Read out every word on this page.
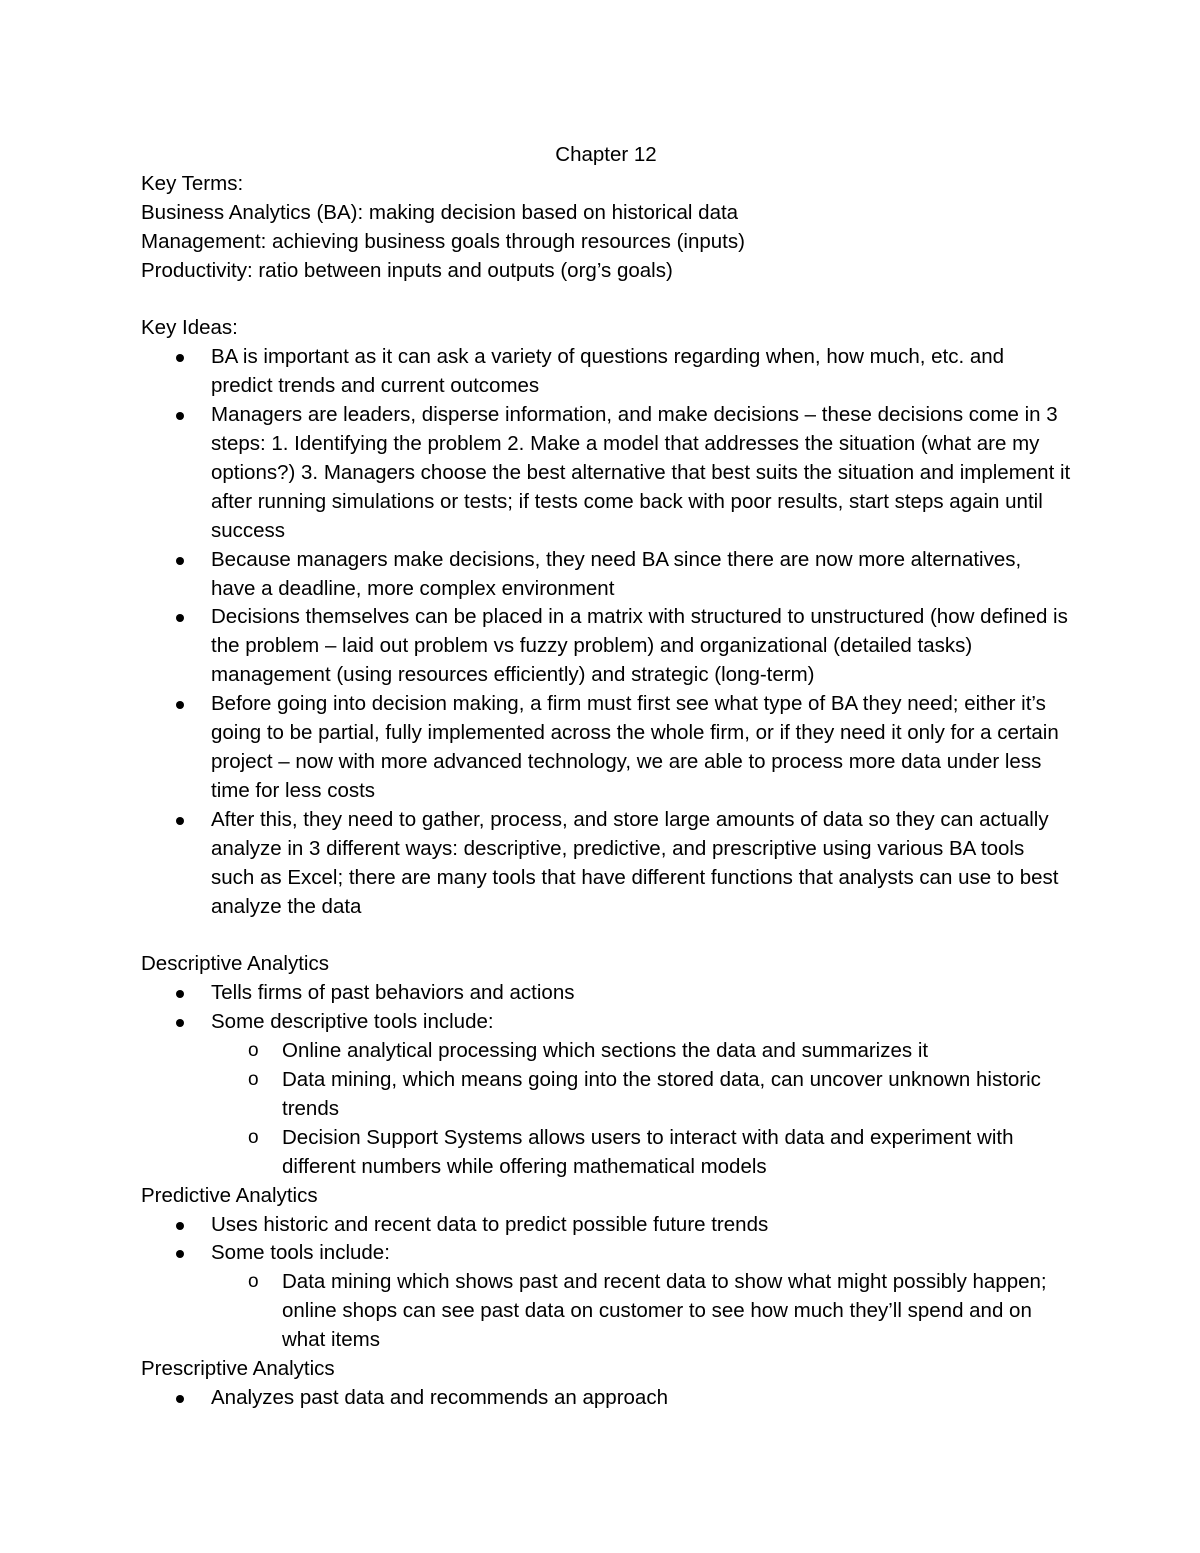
Chapter 12
Key Terms:
Business Analytics (BA): making decision based on historical data
Management: achieving business goals through resources (inputs)
Productivity: ratio between inputs and outputs (org’s goals)
Key Ideas:
BA is important as it can ask a variety of questions regarding when, how much, etc. and predict trends and current outcomes
Managers are leaders, disperse information, and make decisions – these decisions come in 3 steps: 1. Identifying the problem 2. Make a model that addresses the situation (what are my options?) 3. Managers choose the best alternative that best suits the situation and implement it after running simulations or tests; if tests come back with poor results, start steps again until success
Because managers make decisions, they need BA since there are now more alternatives, have a deadline, more complex environment
Decisions themselves can be placed in a matrix with structured to unstructured (how defined is the problem – laid out problem vs fuzzy problem) and organizational (detailed tasks) management (using resources efficiently) and strategic (long-term)
Before going into decision making, a firm must first see what type of BA they need; either it’s going to be partial, fully implemented across the whole firm, or if they need it only for a certain project – now with more advanced technology, we are able to process more data under less time for less costs
After this, they need to gather, process, and store large amounts of data so they can actually analyze in 3 different ways: descriptive, predictive, and prescriptive using various BA tools such as Excel; there are many tools that have different functions that analysts can use to best analyze the data
Descriptive Analytics
Tells firms of past behaviors and actions
Some descriptive tools include:
o Online analytical processing which sections the data and summarizes it
o Data mining, which means going into the stored data, can uncover unknown historic trends
o Decision Support Systems allows users to interact with data and experiment with different numbers while offering mathematical models
Predictive Analytics
Uses historic and recent data to predict possible future trends
Some tools include:
o Data mining which shows past and recent data to show what might possibly happen; online shops can see past data on customer to see how much they’ll spend and on what items
Prescriptive Analytics
Analyzes past data and recommends an approach
